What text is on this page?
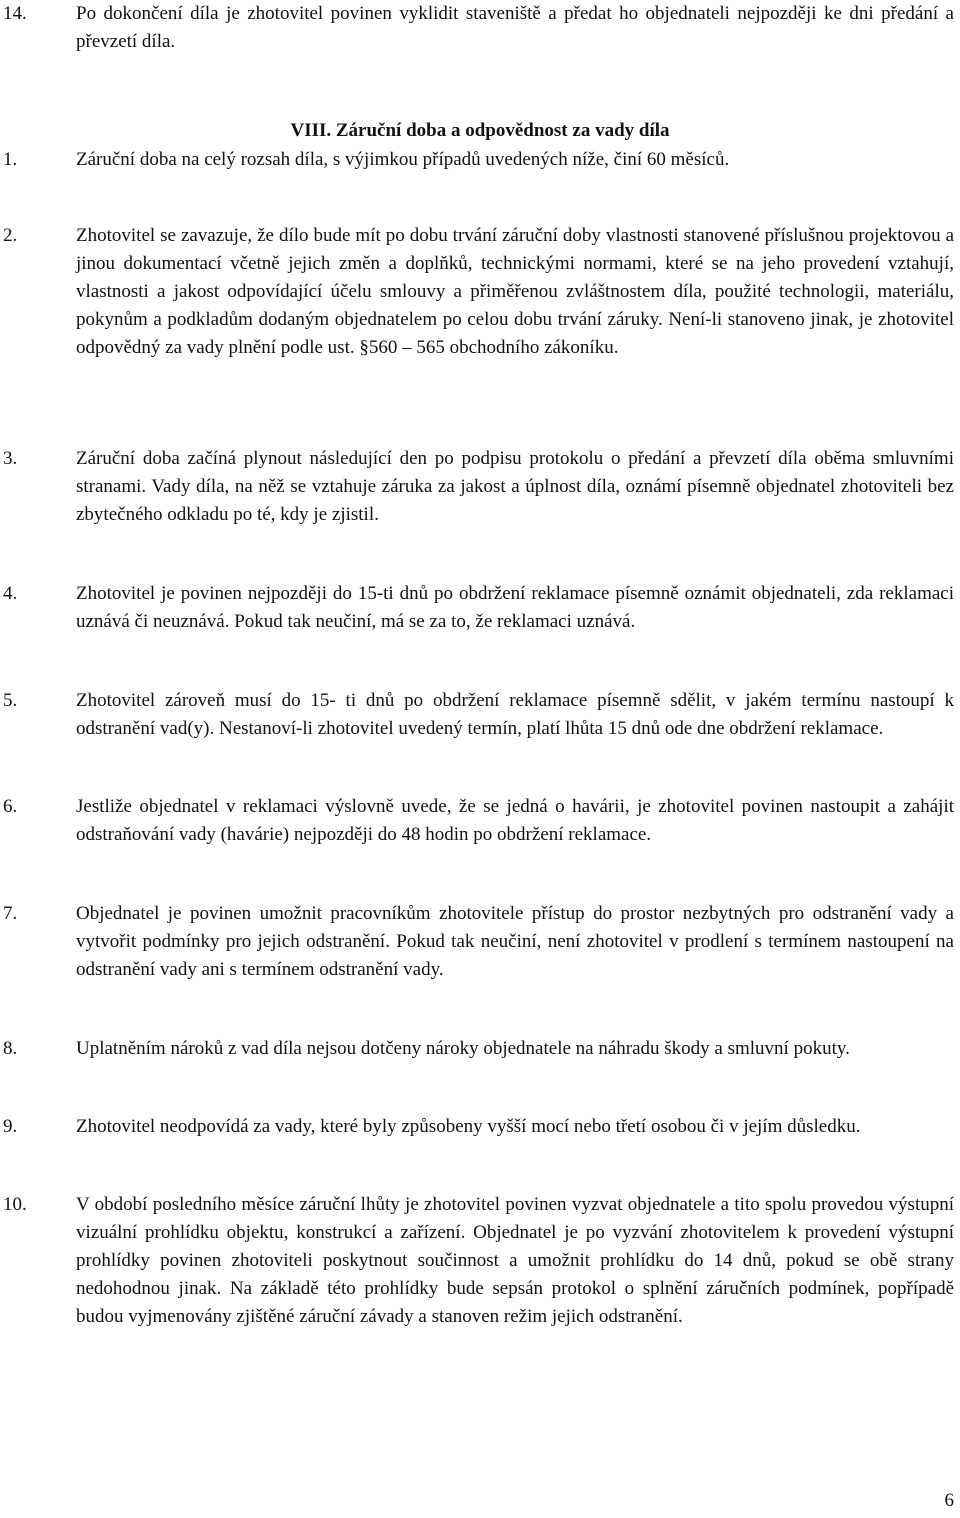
14.	Po dokončení díla je zhotovitel povinen vyklidit staveniště a předat ho objednateli nejpozději ke dni předání a převzetí díla.
VIII. Záruční doba a odpovědnost za vady díla
1.	Záruční doba na celý rozsah díla, s výjimkou případů uvedených níže, činí 60 měsíců.
2.	Zhotovitel se zavazuje, že dílo bude mít po dobu trvání záruční doby vlastnosti stanovené příslušnou projektovou a jinou dokumentací včetně jejich změn a doplňků, technickými normami, které se na jeho provedení vztahují, vlastnosti a jakost odpovídající účelu smlouvy a přiměřenou zvláštnostem díla, použité technologii, materiálu, pokynům a podkladům dodaným objednatelem po celou dobu trvání záruky. Není-li stanoveno jinak, je zhotovitel odpovědný za vady plnění podle ust. §560 – 565 obchodního zákoníku.
3.	Záruční doba začíná plynout následující den po podpisu protokolu o předání a převzetí díla oběma smluvními stranami. Vady díla, na něž se vztahuje záruka za jakost a úplnost díla, oznámí písemně objednatel zhotoviteli bez zbytečného odkladu po té, kdy je zjistil.
4.	Zhotovitel je povinen nejpozději do 15-ti dnů po obdržení reklamace písemně oznámit objednateli, zda reklamaci uznává či neuznává. Pokud tak neučiní, má se za to, že reklamaci uznává.
5.	Zhotovitel zároveň musí do 15- ti dnů po obdržení reklamace písemně sdělit, v jakém termínu nastoupí k odstranění vad(y). Nestanoví-li zhotovitel uvedený termín, platí lhůta 15 dnů ode dne obdržení reklamace.
6.	Jestliže objednatel v reklamaci výslovně uvede, že se jedná o havárii, je zhotovitel povinen nastoupit a zahájit odstraňování vady (havárie) nejpozději do 48 hodin po obdržení reklamace.
7.	Objednatel je povinen umožnit pracovníkům zhotovitele přístup do prostor nezbytných pro odstranění vady a vytvořit podmínky pro jejich odstranění. Pokud tak neučiní, není zhotovitel v prodlení s termínem nastoupení na odstranění vady ani s termínem odstranění vady.
8.	Uplatněním nároků z vad díla nejsou dotčeny nároky objednatele na náhradu škody a smluvní pokuty.
9.	Zhotovitel neodpovídá za vady, které byly způsobeny vyšší mocí nebo třetí osobou či v jejím důsledku.
10.	V období posledního měsíce záruční lhůty je zhotovitel povinen vyzvat objednatele a tito spolu provedou výstupní vizuální prohlídku objektu, konstrukcí a zařízení. Objednatel je po vyzvání zhotovitelem k provedení výstupní prohlídky povinen zhotoviteli poskytnout součinnost a umožnit prohlídku do 14 dnů, pokud se obě strany nedohodnou jinak. Na základě této prohlídky bude sepsán protokol o splnění záručních podmínek, popřípadě budou vyjmenovány zjištěné záruční závady a stanoven režim jejich odstranění.
6
